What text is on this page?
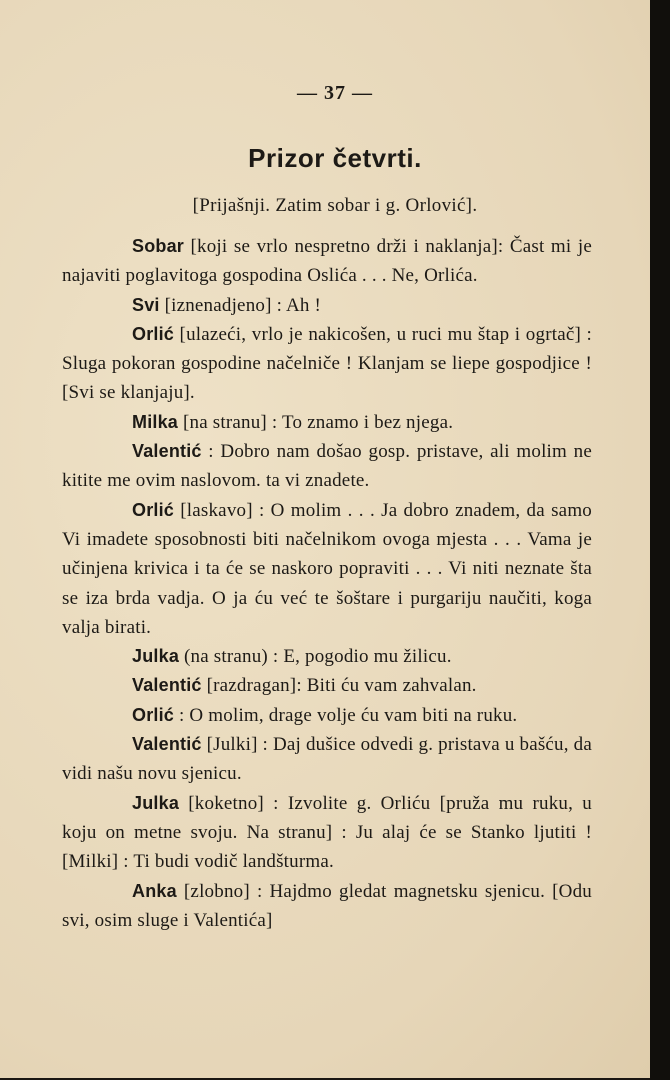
— 37 —
Prizor četvrti.
[Prijašnji. Zatim sobar i g. Orlović].

Sobar [koji se vrlo nespretno drži i naklanja]: Čast mi je najaviti poglavitoga gospodina Oslića . . . Ne, Orlića.

Svi [iznenadjeno] : Ah !

Orlić [ulazeći, vrlo je nakicošen, u ruci mu štap i ogrtač] : Sluga pokoran gospodine načelniče ! Klanjam se liepe gospodjice ! [Svi se klanjaju].

Milka [na stranu] : To znamo i bez njega.

Valentić : Dobro nam došao gosp. pristave, ali molim ne kitite me ovim naslovom. ta vi znadete.

Orlić [laskavo] : O molim . . . Ja dobro znadem, da samo Vi imadete sposobnosti biti načelnikom ovoga mjesta . . . Vama je učinjena krivica i ta će se naskoro popraviti . . . Vi niti neznate šta se iza brda vadja. O ja ću već te šoštare i purgariju naučiti, koga valja birati.

Julka (na stranu) : E, pogodio mu žilicu.

Valentić [razdragan]: Biti ću vam zahvalan.

Orlić : O molim, drage volje ću vam biti na ruku.

Valentić [Julki] : Daj dušice odvedi g. pristava u bašću, da vidi našu novu sjenicu.

Julka [koketno] : Izvolite g. Orliću [pruža mu ruku, u koju on metne svoju. Na stranu] : Ju alaj će se Stanko ljutiti ! [Milki] : Ti budi vodič landšturma.

Anka [zlobno] : Hajdmo gledat magnetsku sjenicu. [Odu svi, osim sluge i Valentića]
